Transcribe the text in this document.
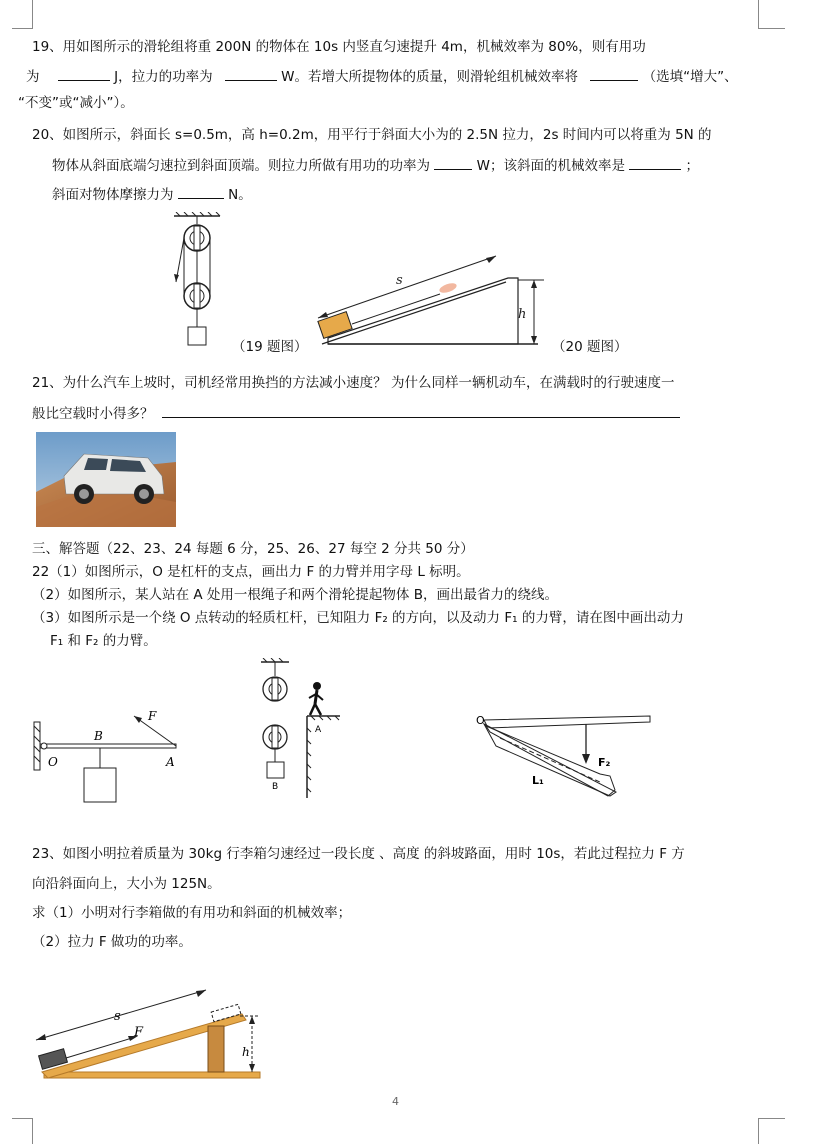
19、用如图所示的滑轮组将重 200N 的物体在 10s 内竖直匀速提升 4m，机械效率为 80%，则有用功
为	J，拉力的功率为	W。若增大所提物体的质量，则滑轮组机械效率将	（选填“增大”、
“不变”或“减小”）。
20、如图所示，斜面长 s=0.5m，高 h=0.2m，用平行于斜面大小为的 2.5N 拉力，2s 时间内可以将重为 5N 的
物体从斜面底端匀速拉到斜面顶端。则拉力所做有用功的功率为	W；该斜面的机械效率是	；
斜面对物体摩擦力为	N。
（19 题图）
s
h
（20 题图）
21、为什么汽车上坡时，司机经常用换挡的方法减小速度？ 为什么同样一辆机动车，在满载时的行驶速度一
般比空载时小得多？
三、解答题（22、23、24 每题 6 分，25、26、27 每空 2 分共 50 分）
22（1）如图所示，O 是杠杆的支点，画出力 F 的力臂并用字母 L 标明。
（2）如图所示，某人站在 A 处用一根绳子和两个滑轮提起物体 B，画出最省力的绕线。
（3）如图所示是一个绕 O 点转动的轻质杠杆，已知阻力 F₂ 的方向，以及动力 F₁ 的力臂，请在图中画出动力
F₁ 和 F₂ 的力臂。
F
B
O	A
B
A
O
F₂
L₁
23、如图小明拉着质量为 30kg 行李箱匀速经过一段长度 、高度 的斜坡路面，用时 10s，若此过程拉力 F 方
向沿斜面向上，大小为 125N。
求（1）小明对行李箱做的有用功和斜面的机械效率；
（2）拉力 F 做功的功率。
s
F
h
4
